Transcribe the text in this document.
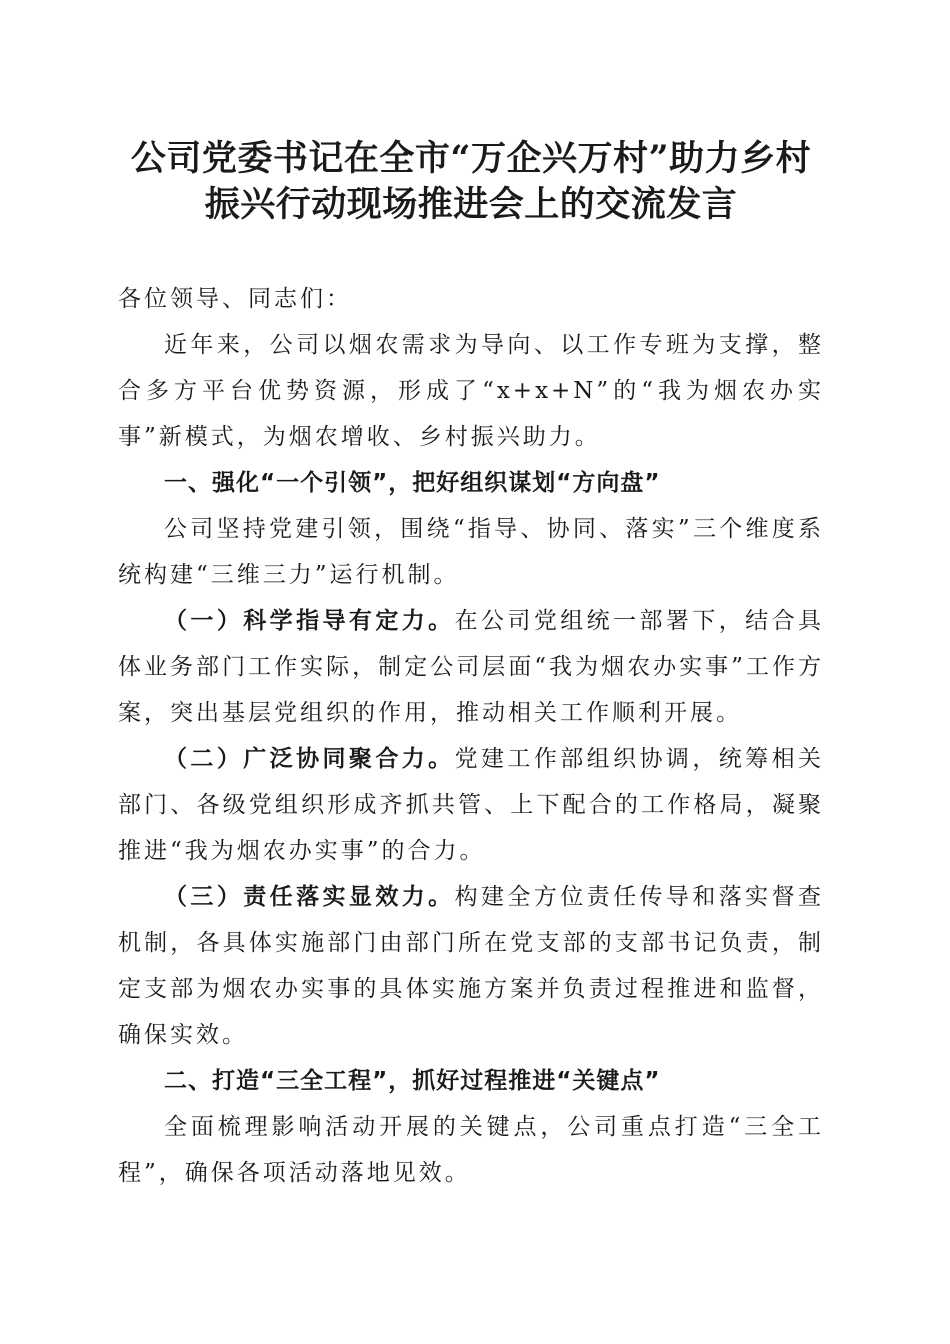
公司党委书记在全市“万企兴万村”助力乡村
振兴行动现场推进会上的交流发言

各位领导、同志们：

近年来，公司以烟农需求为导向、以工作专班为支撑，整合多方平台优势资源，形成了“x+x+N”的“我为烟农办实事”新模式，为烟农增收、乡村振兴助力。

一、强化“一个引领”，把好组织谋划“方向盘”

公司坚持党建引领，围绕“指导、协同、落实”三个维度系统构建“三维三力”运行机制。

（一）科学指导有定力。在公司党组统一部署下，结合具体业务部门工作实际，制定公司层面“我为烟农办实事”工作方案，突出基层党组织的作用，推动相关工作顺利开展。

（二）广泛协同聚合力。党建工作部组织协调，统筹相关部门、各级党组织形成齐抓共管、上下配合的工作格局，凝聚推进“我为烟农办实事”的合力。

（三）责任落实显效力。构建全方位责任传导和落实督查机制，各具体实施部门由部门所在党支部的支部书记负责，制定支部为烟农办实事的具体实施方案并负责过程推进和监督，确保实效。

二、打造“三全工程”，抓好过程推进“关键点”

全面梳理影响活动开展的关键点，公司重点打造“三全工程”，确保各项活动落地见效。
